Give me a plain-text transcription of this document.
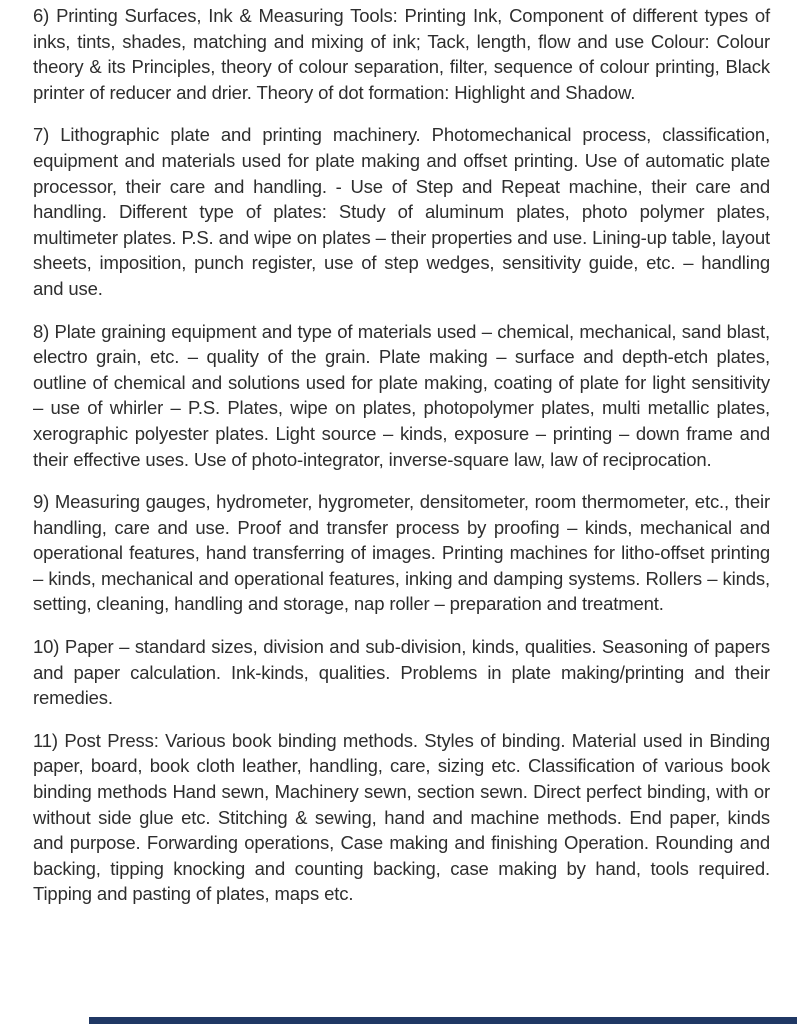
6) Printing Surfaces, Ink & Measuring Tools: Printing Ink, Component of different types of inks, tints, shades, matching and mixing of ink; Tack, length, flow and use Colour: Colour theory & its Principles, theory of colour separation, filter, sequence of colour printing, Black printer of reducer and drier. Theory of dot formation: Highlight and Shadow.

7) Lithographic plate and printing machinery. Photomechanical process, classification, equipment and materials used for plate making and offset printing. Use of automatic plate processor, their care and handling. - Use of Step and Repeat machine, their care and handling. Different type of plates: Study of aluminum plates, photo polymer plates, multimeter plates. P.S. and wipe on plates – their properties and use. Lining-up table, layout sheets, imposition, punch register, use of step wedges, sensitivity guide, etc. – handling and use.

8) Plate graining equipment and type of materials used – chemical, mechanical, sand blast, electro grain, etc. – quality of the grain. Plate making – surface and depth-etch plates, outline of chemical and solutions used for plate making, coating of plate for light sensitivity – use of whirler – P.S. Plates, wipe on plates, photopolymer plates, multi metallic plates, xerographic polyester plates. Light source – kinds, exposure – printing – down frame and their effective uses. Use of photo-integrator, inverse-square law, law of reciprocation.

9) Measuring gauges, hydrometer, hygrometer, densitometer, room thermometer, etc., their handling, care and use. Proof and transfer process by proofing – kinds, mechanical and operational features, hand transferring of images. Printing machines for litho-offset printing – kinds, mechanical and operational features, inking and damping systems. Rollers – kinds, setting, cleaning, handling and storage, nap roller – preparation and treatment.

10) Paper – standard sizes, division and sub-division, kinds, qualities. Seasoning of papers and paper calculation. Ink-kinds, qualities. Problems in plate making/printing and their remedies.

11) Post Press: Various book binding methods. Styles of binding. Material used in Binding paper, board, book cloth leather, handling, care, sizing etc. Classification of various book binding methods Hand sewn, Machinery sewn, section sewn. Direct perfect binding, with or without side glue etc. Stitching & sewing, hand and machine methods. End paper, kinds and purpose. Forwarding operations, Case making and finishing Operation. Rounding and backing, tipping knocking and counting backing, case making by hand, tools required. Tipping and pasting of plates, maps etc.
